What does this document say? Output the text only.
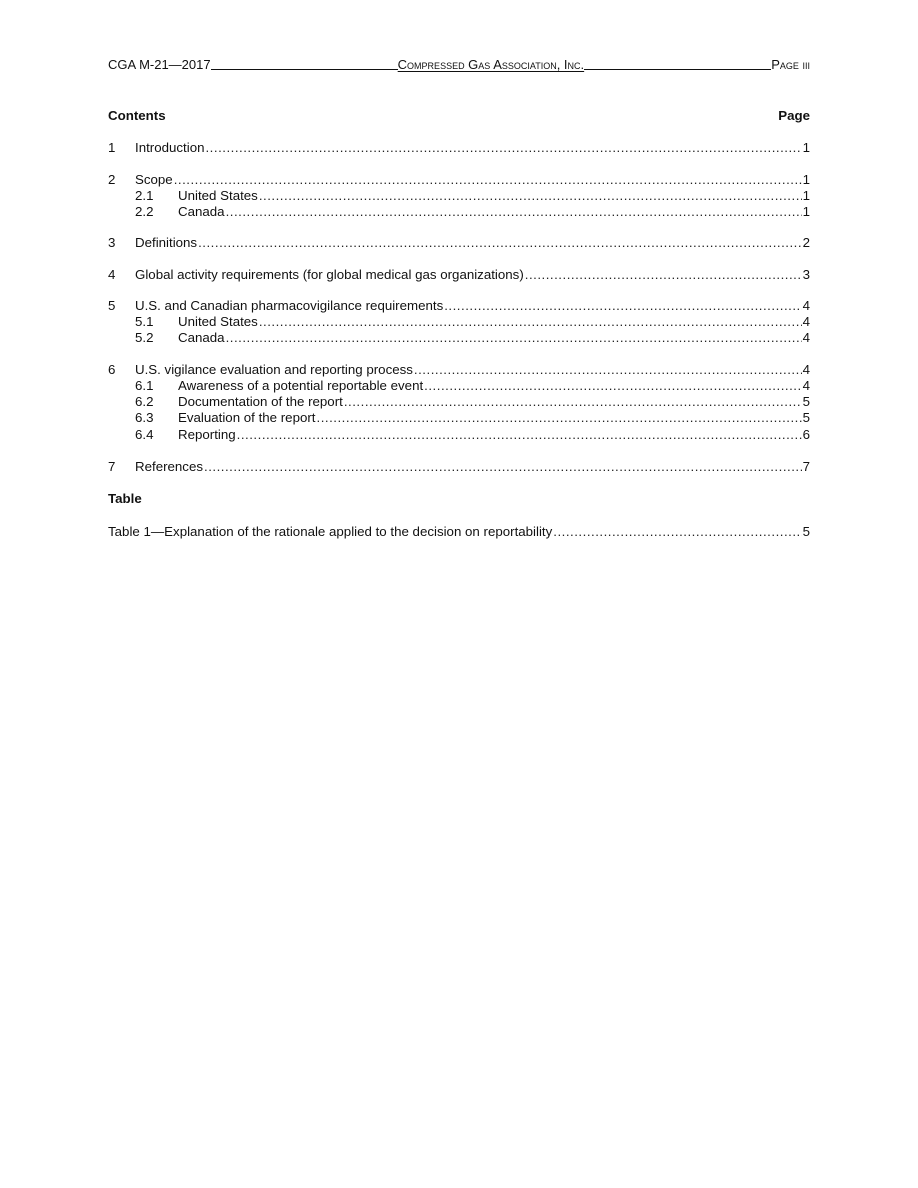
CGA M-21—2017	Compressed Gas Association, Inc.	Page iii
Contents	Page
1	Introduction .....	1
2	Scope .....	1
2.1	United States .....	1
2.2	Canada .....	1
3	Definitions .....	2
4	Global activity requirements (for global medical gas organizations) .....	3
5	U.S. and Canadian pharmacovigilance requirements .....	4
5.1	United States .....	4
5.2	Canada .....	4
6	U.S. vigilance evaluation and reporting process .....	4
6.1	Awareness of a potential reportable event .....	4
6.2	Documentation of the report .....	5
6.3	Evaluation of the report .....	5
6.4	Reporting .....	6
7	References .....	7
Table
Table 1—Explanation of the rationale applied to the decision on reportability .....	5
